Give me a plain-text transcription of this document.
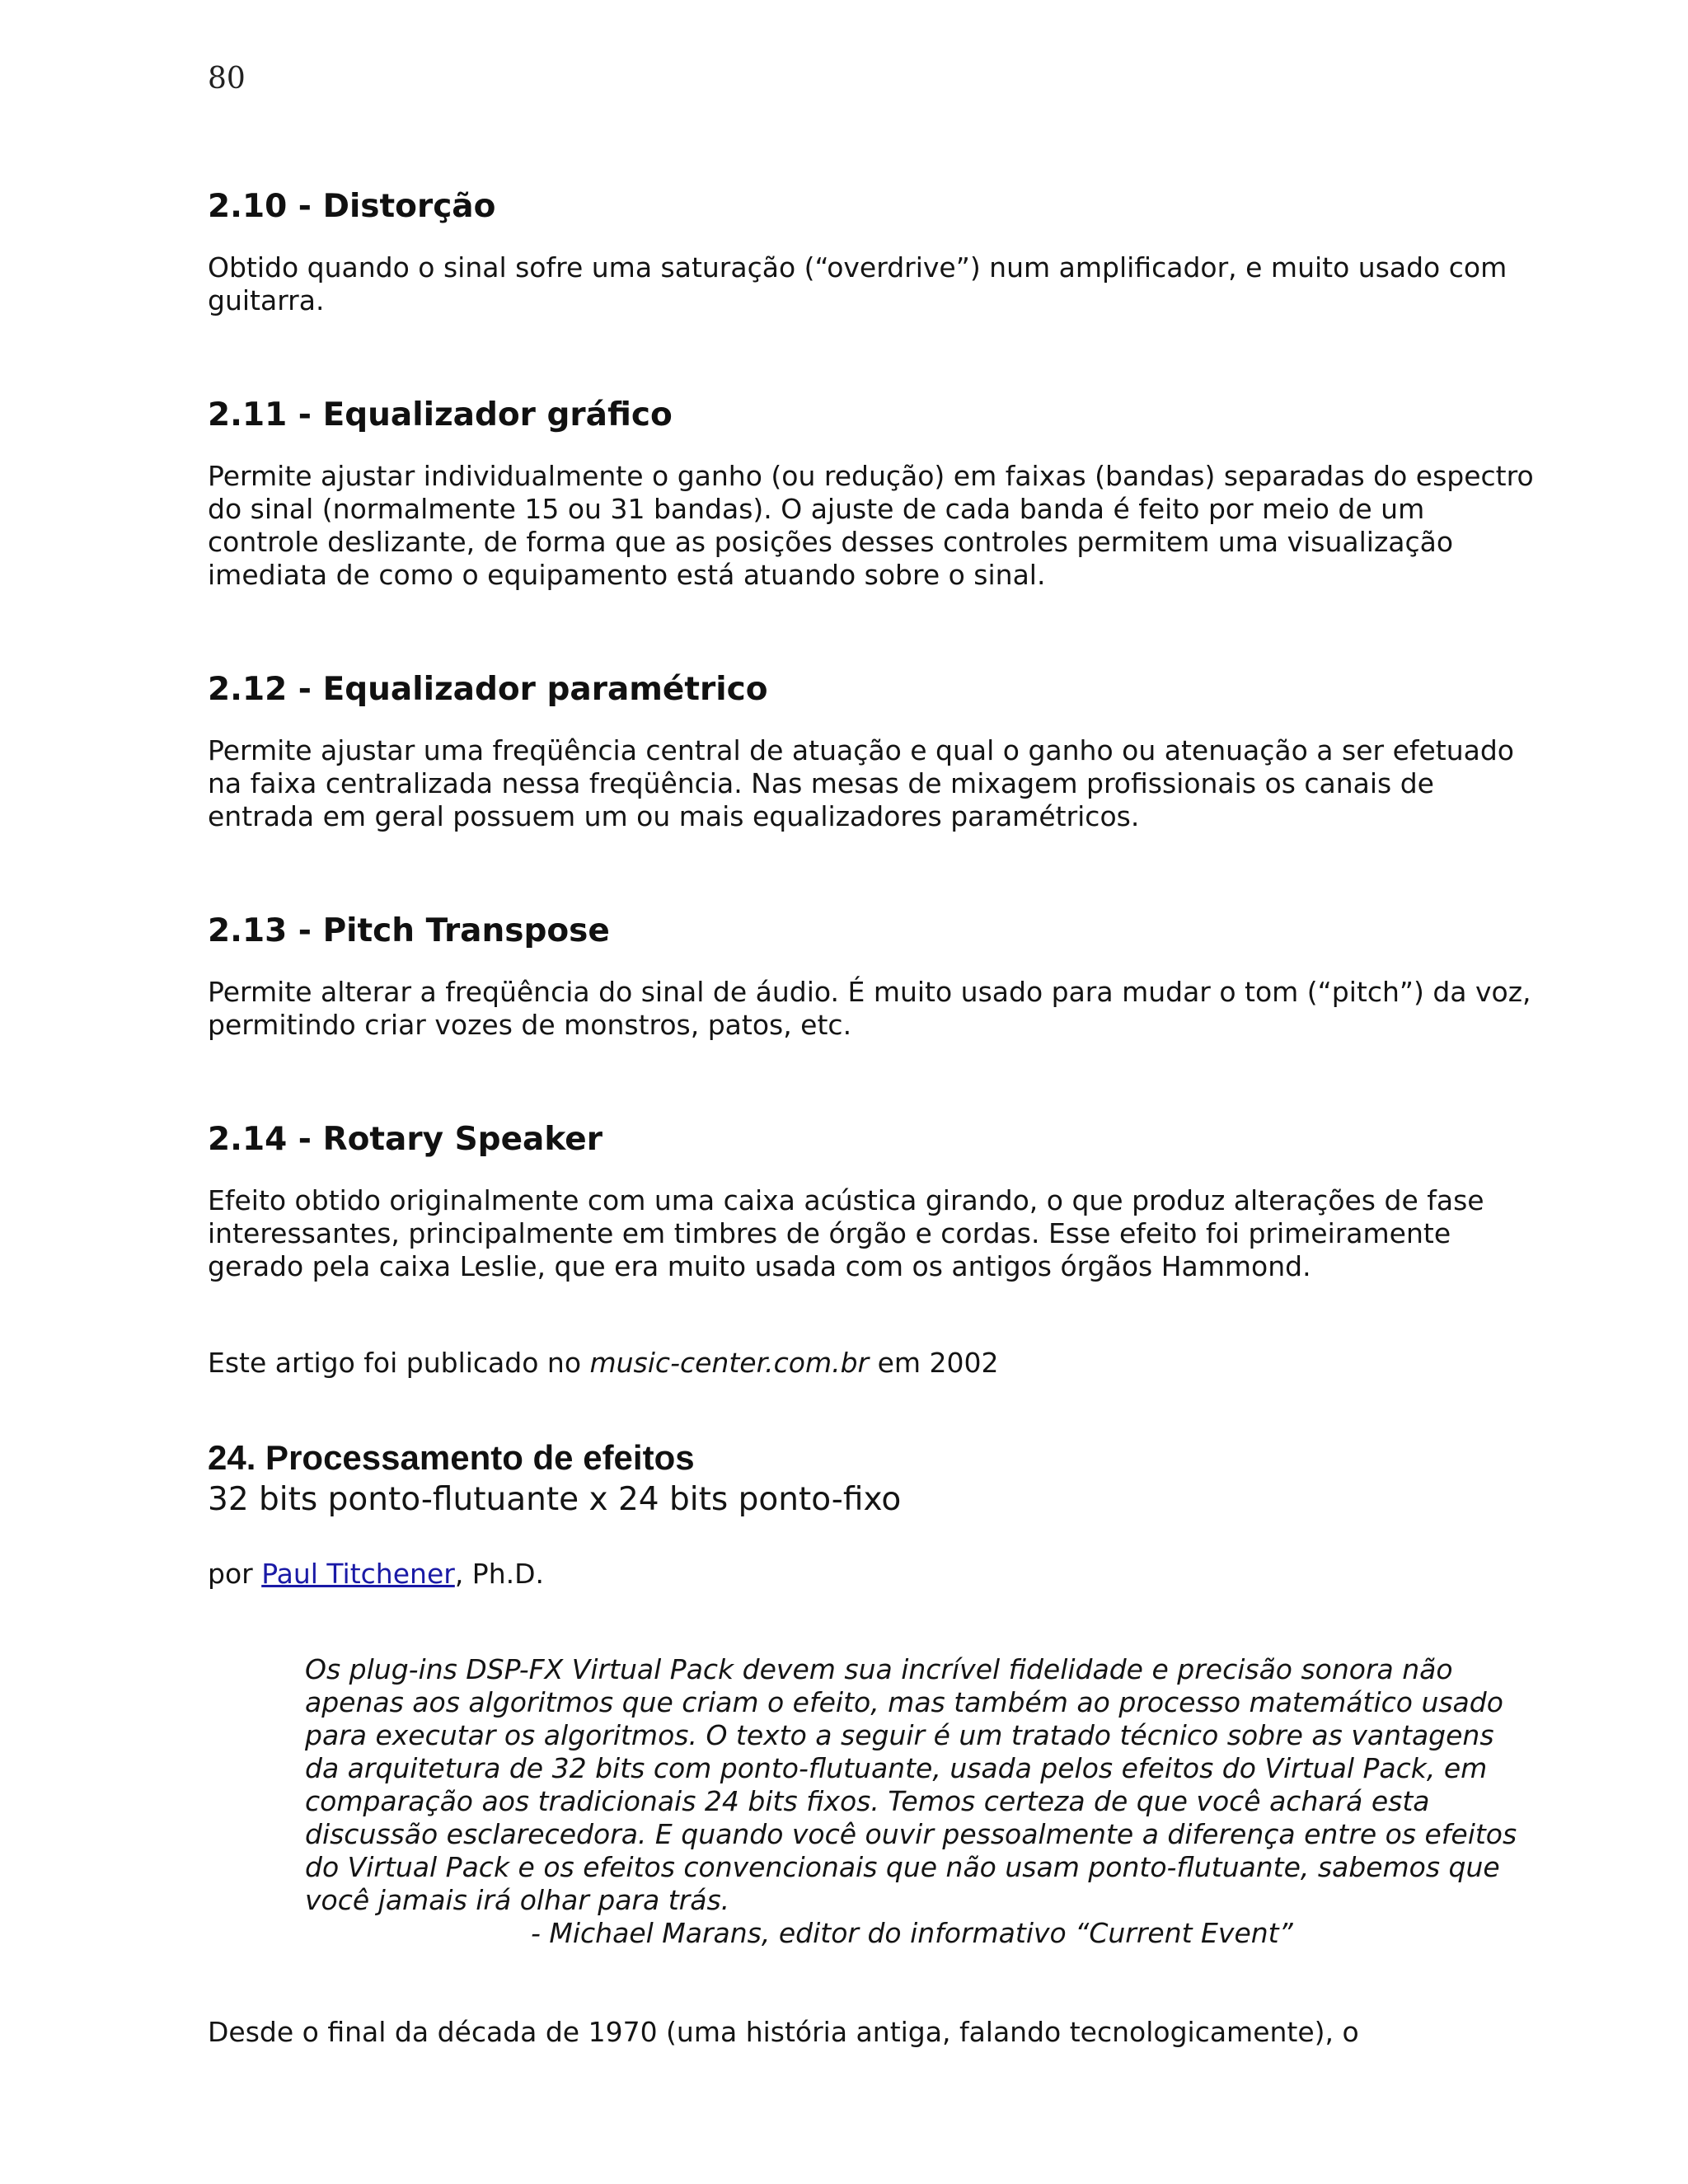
80
2.10 - Distorção

Obtido quando o sinal sofre uma saturação (“overdrive”) num amplificador, e muito usado com guitarra.

2.11 - Equalizador gráfico

Permite ajustar individualmente o ganho (ou redução) em faixas (bandas) separadas do espectro do sinal (normalmente 15 ou 31 bandas). O ajuste de cada banda é feito por meio de um controle deslizante, de forma que as posições desses controles permitem uma visualização imediata de como o equipamento está atuando sobre o sinal.

2.12 - Equalizador paramétrico

Permite ajustar uma freqüência central de atuação e qual o ganho ou atenuação a ser efetuado na faixa centralizada nessa freqüência. Nas mesas de mixagem profissionais os canais de entrada em geral possuem um ou mais equalizadores paramétricos.

2.13 - Pitch Transpose

Permite alterar a freqüência do sinal de áudio. É muito usado para mudar o tom (“pitch”) da voz, permitindo criar vozes de monstros, patos, etc.

2.14 - Rotary Speaker

Efeito obtido originalmente com uma caixa acústica girando, o que produz alterações de fase interessantes, principalmente em timbres de órgão e cordas. Esse efeito foi primeiramente gerado pela caixa Leslie, que era muito usada com os antigos órgãos Hammond.

Este artigo foi publicado no music-center.com.br em 2002

24. Processamento de efeitos

32 bits ponto-flutuante x 24 bits ponto-fixo

por Paul Titchener, Ph.D.

Os plug-ins DSP-FX Virtual Pack devem sua incrível fidelidade e precisão sonora não apenas aos algoritmos que criam o efeito, mas também ao processo matemático usado para executar os algoritmos. O texto a seguir é um tratado técnico sobre as vantagens da arquitetura de 32 bits com ponto-flutuante, usada pelos efeitos do Virtual Pack, em comparação aos tradicionais 24 bits fixos. Temos certeza de que você achará esta discussão esclarecedora. E quando você ouvir pessoalmente a diferença entre os efeitos do Virtual Pack e os efeitos convencionais que não usam ponto-flutuante, sabemos que você jamais irá olhar para trás.

- Michael Marans, editor do informativo “Current Event”

Desde o final da década de 1970 (uma história antiga, falando tecnologicamente), o
